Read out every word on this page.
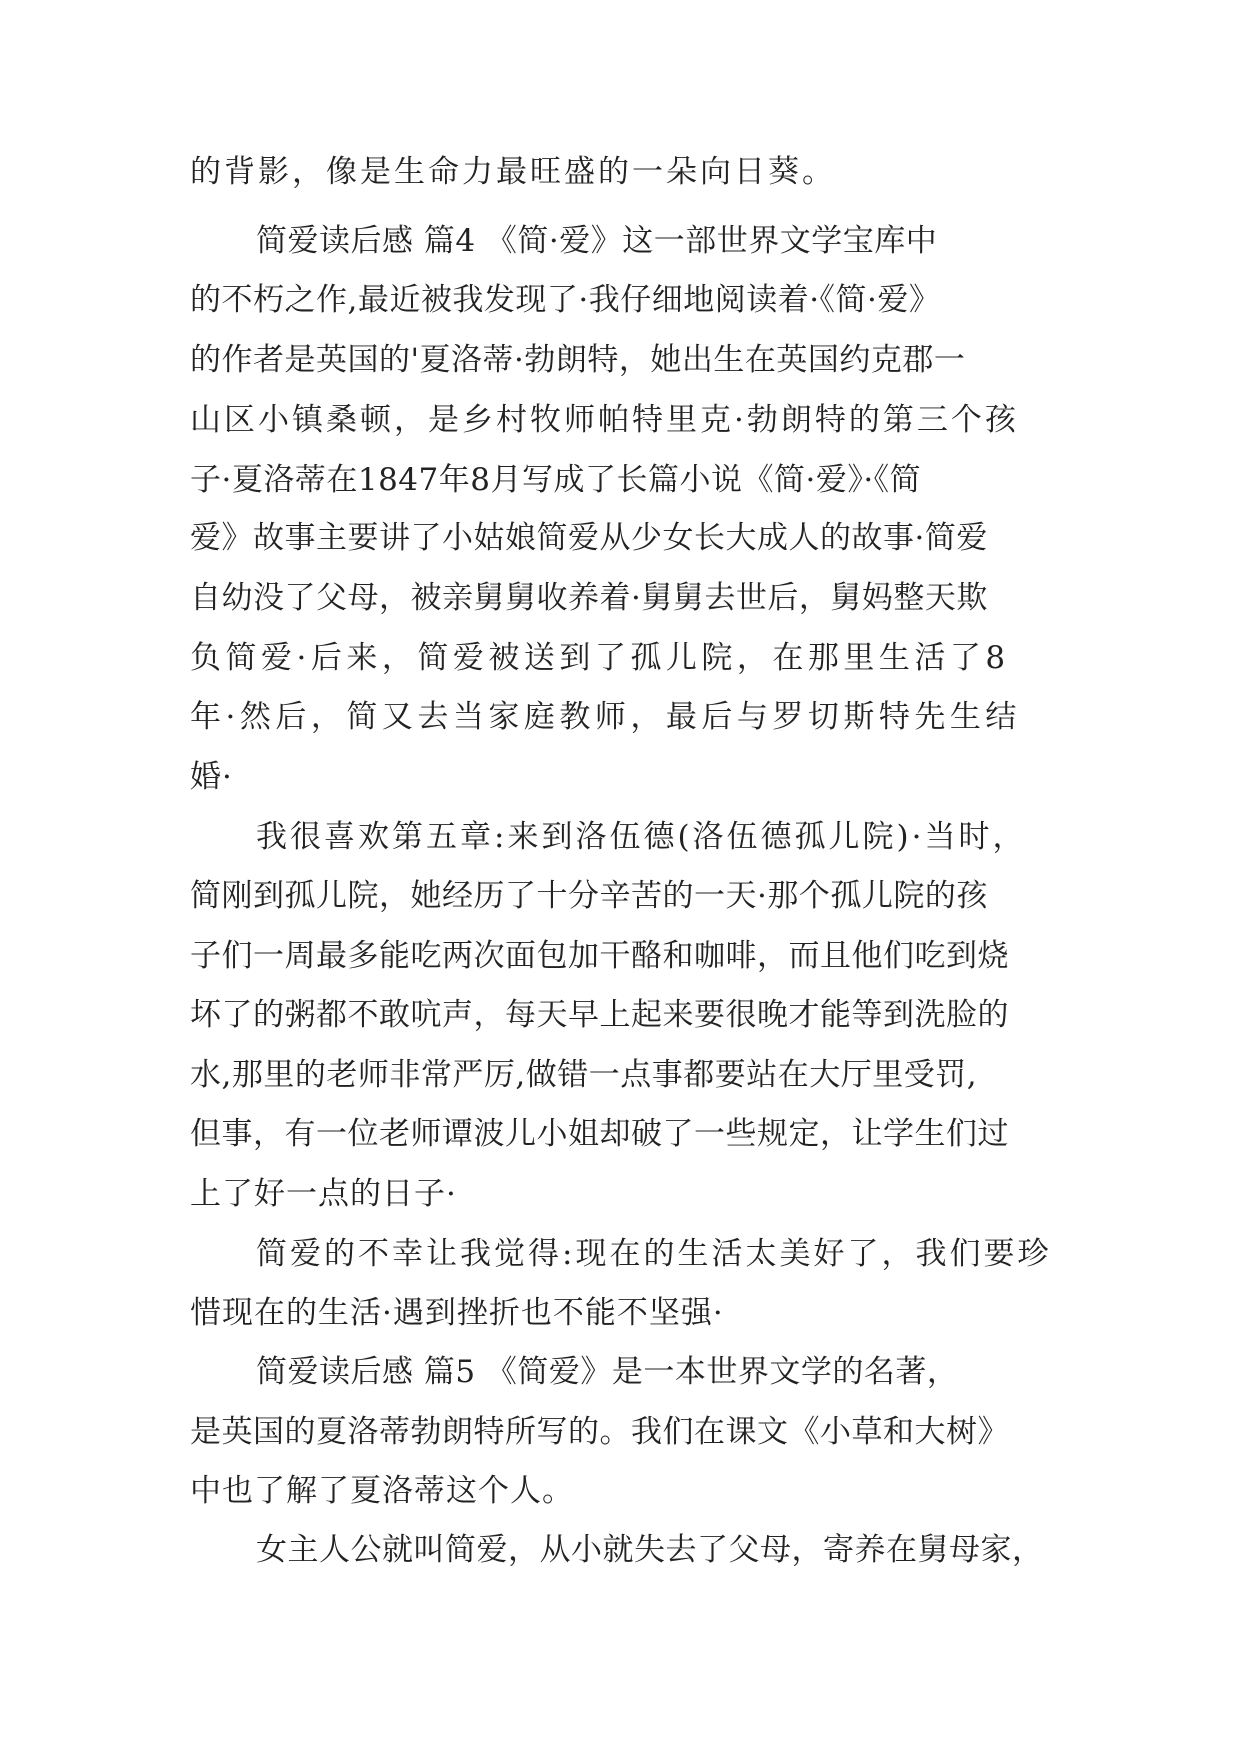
的背影，像是生命力最旺盛的一朵向日葵。
简爱读后感 篇4 《简·爱》这一部世界文学宝库中
的不朽之作,最近被我发现了·我仔细地阅读着·《简·爱》
的作者是英国的'夏洛蒂·勃朗特，她出生在英国约克郡一
山区小镇桑顿，是乡村牧师帕特里克·勃朗特的第三个孩
子·夏洛蒂在1847年8月写成了长篇小说《简·爱》·《简
爱》故事主要讲了小姑娘简爱从少女长大成人的故事·简爱
自幼没了父母，被亲舅舅收养着·舅舅去世后，舅妈整天欺
负简爱·后来，简爱被送到了孤儿院，在那里生活了8
年·然后，简又去当家庭教师，最后与罗切斯特先生结
婚·
我很喜欢第五章:来到洛伍德(洛伍德孤儿院)·当时，
简刚到孤儿院，她经历了十分辛苦的一天·那个孤儿院的孩
子们一周最多能吃两次面包加干酪和咖啡，而且他们吃到烧
坏了的粥都不敢吭声，每天早上起来要很晚才能等到洗脸的
水,那里的老师非常严厉,做错一点事都要站在大厅里受罚,
但事，有一位老师谭波儿小姐却破了一些规定，让学生们过
上了好一点的日子·
简爱的不幸让我觉得:现在的生活太美好了，我们要珍
惜现在的生活·遇到挫折也不能不坚强·
简爱读后感 篇5 《简爱》是一本世界文学的名著，
是英国的夏洛蒂勃朗特所写的。我们在课文《小草和大树》
中也了解了夏洛蒂这个人。
女主人公就叫简爱，从小就失去了父母，寄养在舅母家，
